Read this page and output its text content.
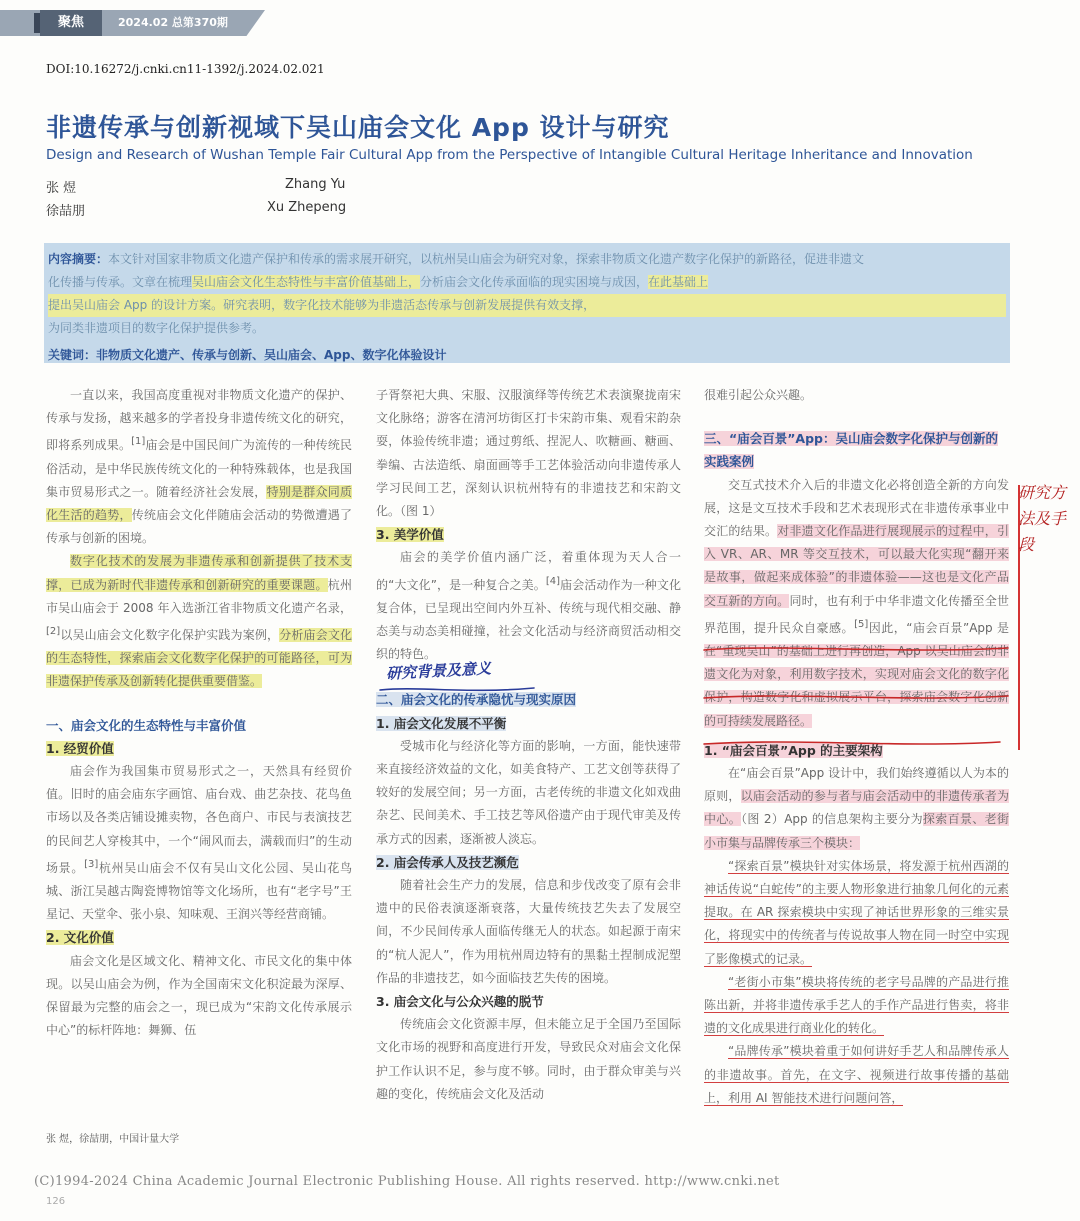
聚焦	2024.02 总第370期
DOI:10.16272/j.cnki.cn11-1392/j.2024.02.021
非遗传承与创新视域下吴山庙会文化 App 设计与研究
Design and Research of Wushan Temple Fair Cultural App from the Perspective of Intangible Cultural Heritage Inheritance and Innovation
张 煜	Zhang Yu
徐喆朋	Xu Zhepeng
内容摘要：本文针对国家非物质文化遗产保护和传承的需求展开研究，以杭州吴山庙会为研究对象，探索非物质文化遗产数字化保护的新路径，促进非遗文
化传播与传承。文章在梳理吴山庙会文化生态特性与丰富价值基础上，分析庙会文化传承面临的现实困境与成因，在此基础上
提出吴山庙会 App 的设计方案。研究表明，数字化技术能够为非遗活态传承与创新发展提供有效支撑，
为同类非遗项目的数字化保护提供参考。
关键词：非物质文化遗产、传承与创新、吴山庙会、App、数字化体验设计

一直以来，我国高度重视对非物质文化遗产的保护、传承与发扬，越来越多的学者投身非遗传统文化的研究，即将系列成果。[1]庙会是中国民间广为流传的一种传统民俗活动，是中华民族传统文化的一种特殊载体，也是我国集市贸易形式之一。随着经济社会发展，特别是群众同质化生活的趋势，传统庙会文化伴随庙会活动的势微遭遇了传承与创新的困境。

数字化技术的发展为非遗传承和创新提供了技术支撑，已成为新时代非遗传承和创新研究的重要课题。杭州市吴山庙会于 2008 年入选浙江省非物质文化遗产名录，[2]以吴山庙会文化数字化保护实践为案例，分析庙会文化的生态特性，探索庙会文化数字化保护的可能路径，可为非遗保护传承及创新转化提供重要借鉴。

一、庙会文化的生态特性与丰富价值
1. 经贸价值

庙会作为我国集市贸易形式之一，天然具有经贸价值。旧时的庙会庙东字画馆、庙台戏、曲艺杂技、花鸟鱼市场以及各类店铺设摊卖物，各色商户、市民与表演技艺的民间艺人穿梭其中，一个“闹风而去，满载而归”的生动场景。[3]杭州吴山庙会不仅有吴山文化公园、吴山花鸟城、浙江吴越古陶瓷博物馆等文化场所，也有“老字号”王星记、天堂伞、张小泉、知味观、王润兴等经营商铺。

2. 文化价值

庙会文化是区域文化、精神文化、市民文化的集中体现。以吴山庙会为例，作为全国南宋文化积淀最为深厚、保留最为完整的庙会之一，现已成为“宋韵文化传承展示中心”的标杆阵地：舞狮、伍

子胥祭祀大典、宋服、汉服演绎等传统艺术表演聚拢南宋文化脉络；游客在清河坊街区打卡宋韵市集、观看宋韵杂耍，体验传统非遗；通过剪纸、捏泥人、吹糖画、糖画、拳编、古法造纸、扇面画等手工艺体验活动向非遗传承人学习民间工艺，深刻认识杭州特有的非遗技艺和宋韵文化。（图 1）

3. 美学价值

庙会的美学价值内涵广泛，着重体现为天人合一的“大文化”，是一种复合之美。[4]庙会活动作为一种文化复合体，已呈现出空间内外互补、传统与现代相交融、静态美与动态美相碰撞，社会文化活动与经济商贸活动相交织的特色。

二、庙会文化的传承隐忧与现实原因
1. 庙会文化发展不平衡

受城市化与经济化等方面的影响，一方面，能快速带来直接经济效益的文化，如美食特产、工艺文创等获得了较好的发展空间；另一方面，古老传统的非遗文化如戏曲杂艺、民间美术、手工技艺等风俗遗产由于现代审美及传承方式的因素，逐渐被人淡忘。

2. 庙会传承人及技艺濒危

随着社会生产力的发展，信息和步伐改变了原有会非遗中的民俗表演逐渐衰落，大量传统技艺失去了发展空间，不少民间传承人面临传继无人的状态。如起源于南宋的“杭人泥人”，作为用杭州周边特有的黑黏土捏制成泥塑作品的非遗技艺，如今面临技艺失传的困境。

3. 庙会文化与公众兴趣的脱节

传统庙会文化资源丰厚，但未能立足于全国乃至国际文化市场的视野和高度进行开发，导致民众对庙会文化保护工作认识不足，参与度不够。同时，由于群众审美与兴趣的变化，传统庙会文化及活动

很难引起公众兴趣。

三、“庙会百景”App：吴山庙会数字化保护与创新的实践案例

交互式技术介入后的非遗文化必将创造全新的方向发展，这是文互技术手段和艺术表现形式在非遗传承事业中交汇的结果。对非遗文化作品进行展现展示的过程中，引入 VR、AR、MR 等交互技术，可以最大化实现“翻开来是故事，做起来成体验”的非遗体验——这也是文化产品交互新的方向。同时，也有利于中华非遗文化传播至全世界范围，提升民众自豪感。[5]因此，“庙会百景”App 是在“重现吴山”的基础上进行再创造，App 以吴山庙会的非遗文化为对象，利用数字技术，实现对庙会文化的数字化保护，构造数字化和虚拟展示平台，探索庙会数字化创新的可持续发展路径。

1. “庙会百景”App 的主要架构

在“庙会百景”App 设计中，我们始终遵循以人为本的原则，以庙会活动的参与者与庙会活动中的非遗传承者为中心。（图 2）App 的信息架构主要分为探索百景、老街小市集与品牌传承三个模块：

“探索百景”模块针对实体场景，将发源于杭州西湖的神话传说“白蛇传”的主要人物形象进行抽象几何化的元素提取。在 AR 探索模块中实现了神话世界形象的三维实景化，将现实中的传统者与传说故事人物在同一时空中实现了影像模式的记录。

“老街小市集”模块将传统的老字号品牌的产品进行推陈出新，并将非遗传承手艺人的手作产品进行售卖，将非遗的文化成果进行商业化的转化。

“品牌传承”模块着重于如何讲好手艺人和品牌传承人的非遗故事。首先，在文字、视频进行故事传播的基础上，利用 AI 智能技术进行问题问答，

研究背景及意义
研究方法及手段
张 煜，徐喆朋，中国计量大学
(C)1994-2024 China Academic Journal Electronic Publishing House. All rights reserved. http://www.cnki.net
126
